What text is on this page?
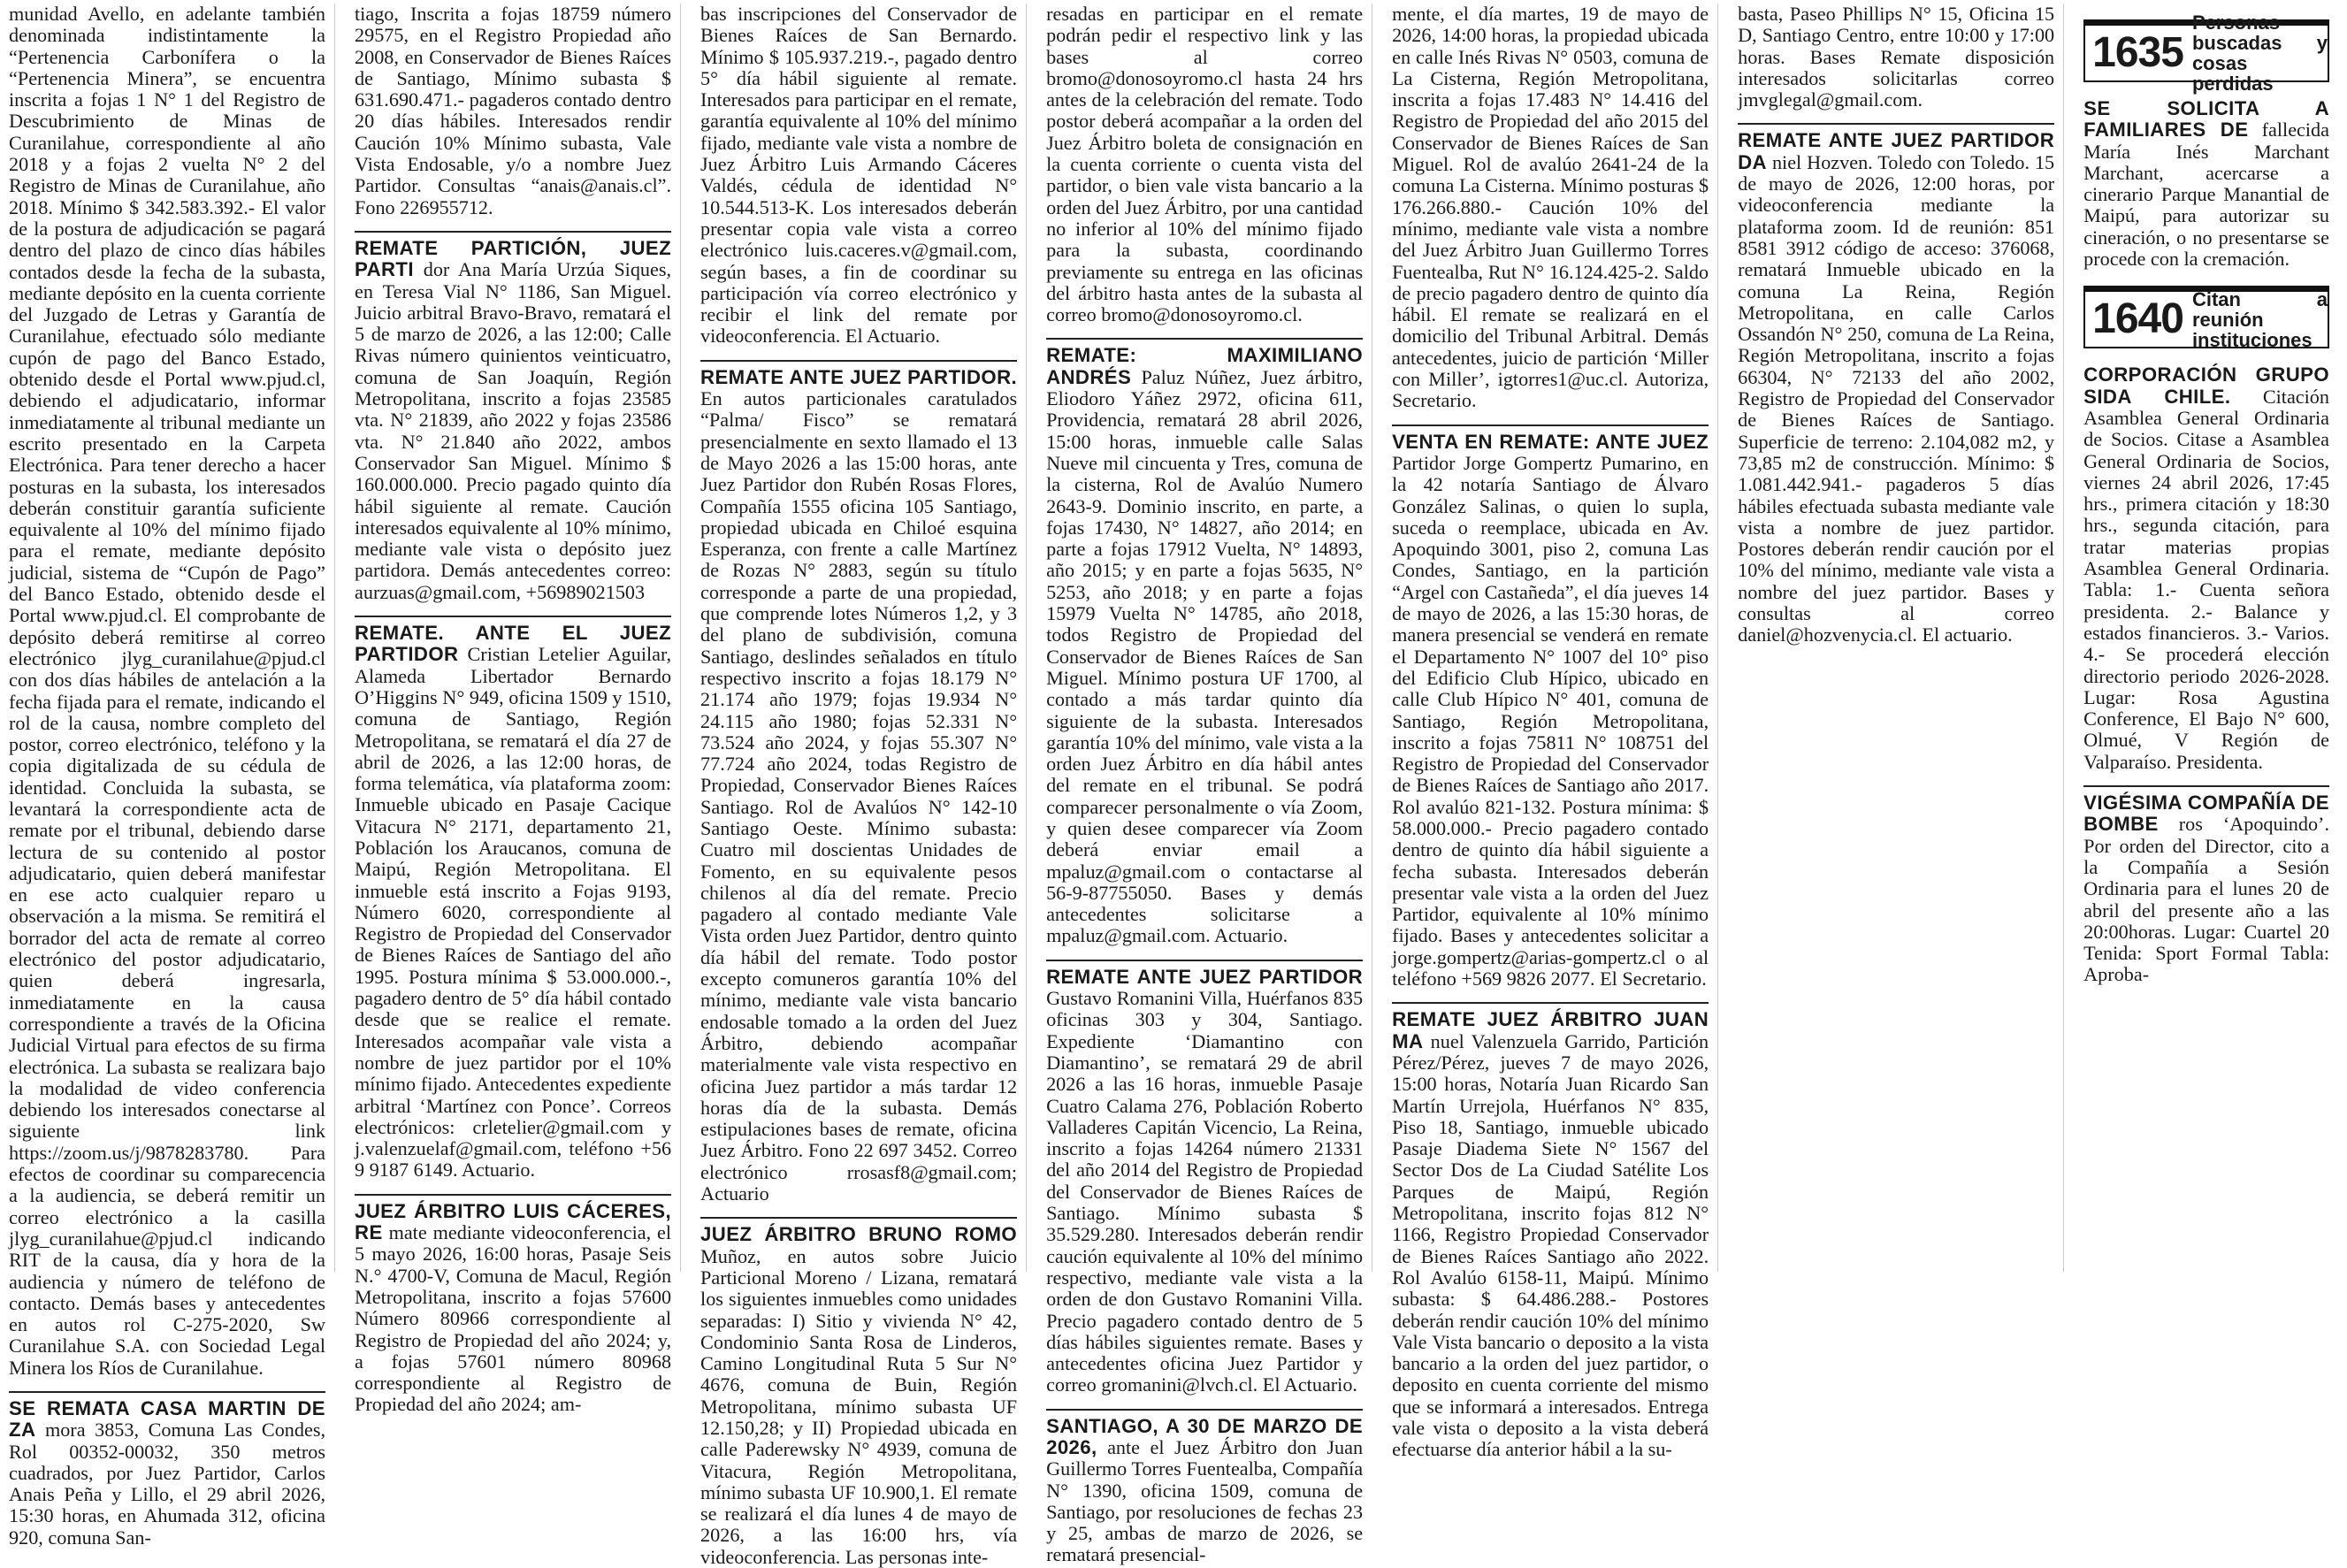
munidad Avello, en adelante también denominada indistintamente la “Pertenencia Carbonífera o la “Pertenencia Minera”, se encuentra inscrita a fojas 1 N° 1 del Registro de Descubrimiento de Minas de Curanilahue, correspondiente al año 2018 y a fojas 2 vuelta N° 2 del Registro de Minas de Curanilahue, año 2018. Mínimo $ 342.583.392.- El valor de la postura de adjudicación se pagará dentro del plazo de cinco días hábiles contados desde la fecha de la subasta, mediante depósito en la cuenta corriente del Juzgado de Letras y Garantía de Curanilahue, efectuado sólo mediante cupón de pago del Banco Estado, obtenido desde el Portal www.pjud.cl, debiendo el adjudicatario, informar inmediatamente al tribunal mediante un escrito presentado en la Carpeta Electrónica. Para tener derecho a hacer posturas en la subasta, los interesados deberán constituir garantía suficiente equivalente al 10% del mínimo fijado para el remate, mediante depósito judicial, sistema de “Cupón de Pago” del Banco Estado, obtenido desde el Portal www.pjud.cl. El comprobante de depósito deberá remitirse al correo electrónico jlyg_curanilahue@pjud.cl con dos días hábiles de antelación a la fecha fijada para el remate, indicando el rol de la causa, nombre completo del postor, correo electrónico, teléfono y la copia digitalizada de su cédula de identidad. Concluida la subasta, se levantará la correspondiente acta de remate por el tribunal, debiendo darse lectura de su contenido al postor adjudicatario, quien deberá manifestar en ese acto cualquier reparo u observación a la misma. Se remitirá el borrador del acta de remate al correo electrónico del postor adjudicatario, quien deberá ingresarla, inmediatamente en la causa correspondiente a través de la Oficina Judicial Virtual para efectos de su firma electrónica. La subasta se realizara bajo la modalidad de video conferencia debiendo los interesados conectarse al siguiente link https://zoom.us/j/9878283780. Para efectos de coordinar su comparecencia a la audiencia, se deberá remitir un correo electrónico a la casilla jlyg_curanilahue@pjud.cl indicando RIT de la causa, día y hora de la audiencia y número de teléfono de contacto. Demás bases y antecedentes en autos rol C-275-2020, Sw Curanilahue S.A. con Sociedad Legal Minera los Ríos de Curanilahue.

SE REMATA CASA MARTIN DE ZA mora 3853, Comuna Las Condes, Rol 00352-00032, 350 metros cuadrados, por Juez Partidor, Carlos Anais Peña y Lillo, el 29 abril 2026, 15:30 horas, en Ahumada 312, oficina 920, comuna San-

tiago, Inscrita a fojas 18759 número 29575, en el Registro Propiedad año 2008, en Conservador de Bienes Raíces de Santiago, Mínimo subasta $ 631.690.471.- pagaderos contado dentro 20 días hábiles. Interesados rendir Caución 10% Mínimo subasta, Vale Vista Endosable, y/o a nombre Juez Partidor. Consultas “anais@anais.cl”. Fono 226955712.

REMATE PARTICIÓN, JUEZ PARTI dor Ana María Urzúa Siques, en Teresa Vial N° 1186, San Miguel. Juicio arbitral Bravo-Bravo, rematará el 5 de marzo de 2026, a las 12:00; Calle Rivas número quinientos veinticuatro, comuna de San Joaquín, Región Metropolitana, inscrito a fojas 23585 vta. N° 21839, año 2022 y fojas 23586 vta. N° 21.840 año 2022, ambos Conservador San Miguel. Mínimo $ 160.000.000. Precio pagado quinto día hábil siguiente al remate. Caución interesados equivalente al 10% mínimo, mediante vale vista o depósito juez partidora. Demás antecedentes correo: aurzuas@gmail.com, +56989021503

REMATE. ANTE EL JUEZ PARTIDOR Cristian Letelier Aguilar, Alameda Libertador Bernardo O’Higgins N° 949, oficina 1509 y 1510, comuna de Santiago, Región Metropolitana, se rematará el día 27 de abril de 2026, a las 12:00 horas, de forma telemática, vía plataforma zoom: Inmueble ubicado en Pasaje Cacique Vitacura N° 2171, departamento 21, Población los Araucanos, comuna de Maipú, Región Metropolitana. El inmueble está inscrito a Fojas 9193, Número 6020, correspondiente al Registro de Propiedad del Conservador de Bienes Raíces de Santiago del año 1995. Postura mínima $ 53.000.000.-, pagadero dentro de 5° día hábil contado desde que se realice el remate. Interesados acompañar vale vista a nombre de juez partidor por el 10% mínimo fijado. Antecedentes expediente arbitral ‘Martínez con Ponce’. Correos electrónicos: crletelier@gmail.com y j.valenzuelaf@gmail.com, teléfono +56 9 9187 6149. Actuario.

JUEZ ÁRBITRO LUIS CÁCERES, RE mate mediante videoconferencia, el 5 mayo 2026, 16:00 horas, Pasaje Seis N.° 4700-V, Comuna de Macul, Región Metropolitana, inscrito a fojas 57600 Número 80966 correspondiente al Registro de Propiedad del año 2024; y, a fojas 57601 número 80968 correspondiente al Registro de Propiedad del año 2024; am-

bas inscripciones del Conservador de Bienes Raíces de San Bernardo. Mínimo $ 105.937.219.-, pagado dentro 5° día hábil siguiente al remate. Interesados para participar en el remate, garantía equivalente al 10% del mínimo fijado, mediante vale vista a nombre de Juez Árbitro Luis Armando Cáceres Valdés, cédula de identidad N° 10.544.513-K. Los interesados deberán presentar copia vale vista a correo electrónico luis.caceres.v@gmail.com, según bases, a fin de coordinar su participación vía correo electrónico y recibir el link del remate por videoconferencia. El Actuario.

REMATE ANTE JUEZ PARTIDOR. En autos particionales caratulados “Palma/ Fisco” se rematará presencialmente en sexto llamado el 13 de Mayo 2026 a las 15:00 horas, ante Juez Partidor don Rubén Rosas Flores, Compañía 1555 oficina 105 Santiago, propiedad ubicada en Chiloé esquina Esperanza, con frente a calle Martínez de Rozas N° 2883, según su título corresponde a parte de una propiedad, que comprende lotes Números 1,2, y 3 del plano de subdivisión, comuna Santiago, deslindes señalados en título respectivo inscrito a fojas 18.179 N° 21.174 año 1979; fojas 19.934 N° 24.115 año 1980; fojas 52.331 N° 73.524 año 2024, y fojas 55.307 N° 77.724 año 2024, todas Registro de Propiedad, Conservador Bienes Raíces Santiago. Rol de Avalúos N° 142-10 Santiago Oeste. Mínimo subasta: Cuatro mil doscientas Unidades de Fomento, en su equivalente pesos chilenos al día del remate. Precio pagadero al contado mediante Vale Vista orden Juez Partidor, dentro quinto día hábil del remate. Todo postor excepto comuneros garantía 10% del mínimo, mediante vale vista bancario endosable tomado a la orden del Juez Árbitro, debiendo acompañar materialmente vale vista respectivo en oficina Juez partidor a más tardar 12 horas día de la subasta. Demás estipulaciones bases de remate, oficina Juez Árbitro. Fono 22 697 3452. Correo electrónico rrosasf8@gmail.com; Actuario

JUEZ ÁRBITRO BRUNO ROMO Muñoz, en autos sobre Juicio Particional Moreno / Lizana, rematará los siguientes inmuebles como unidades separadas: I) Sitio y vivienda N° 42, Condominio Santa Rosa de Linderos, Camino Longitudinal Ruta 5 Sur N° 4676, comuna de Buin, Región Metropolitana, mínimo subasta UF 12.150,28; y II) Propiedad ubicada en calle Paderewsky N° 4939, comuna de Vitacura, Región Metropolitana, mínimo subasta UF 10.900,1. El remate se realizará el día lunes 4 de mayo de 2026, a las 16:00 hrs, vía videoconferencia. Las personas inte-

resadas en participar en el remate podrán pedir el respectivo link y las bases al correo bromo@donosoyromo.cl hasta 24 hrs antes de la celebración del remate. Todo postor deberá acompañar a la orden del Juez Árbitro boleta de consignación en la cuenta corriente o cuenta vista del partidor, o bien vale vista bancario a la orden del Juez Árbitro, por una cantidad no inferior al 10% del mínimo fijado para la subasta, coordinando previamente su entrega en las oficinas del árbitro hasta antes de la subasta al correo bromo@donosoyromo.cl.

REMATE: MAXIMILIANO ANDRÉS Paluz Núñez, Juez árbitro, Eliodoro Yáñez 2972, oficina 611, Providencia, rematará 28 abril 2026, 15:00 horas, inmueble calle Salas Nueve mil cincuenta y Tres, comuna de la cisterna, Rol de Avalúo Numero 2643-9. Dominio inscrito, en parte, a fojas 17430, N° 14827, año 2014; en parte a fojas 17912 Vuelta, N° 14893, año 2015; y en parte a fojas 5635, N° 5253, año 2018; y en parte a fojas 15979 Vuelta N° 14785, año 2018, todos Registro de Propiedad del Conservador de Bienes Raíces de San Miguel. Mínimo postura UF 1700, al contado a más tardar quinto día siguiente de la subasta. Interesados garantía 10% del mínimo, vale vista a la orden Juez Árbitro en día hábil antes del remate en el tribunal. Se podrá comparecer personalmente o vía Zoom, y quien desee comparecer vía Zoom deberá enviar email a mpaluz@gmail.com o contactarse al 56-9-87755050. Bases y demás antecedentes solicitarse a mpaluz@gmail.com. Actuario.

REMATE ANTE JUEZ PARTIDOR Gustavo Romanini Villa, Huérfanos 835 oficinas 303 y 304, Santiago. Expediente ‘Diamantino con Diamantino’, se rematará 29 de abril 2026 a las 16 horas, inmueble Pasaje Cuatro Calama 276, Población Roberto Valladeres Capitán Vicencio, La Reina, inscrito a fojas 14264 número 21331 del año 2014 del Registro de Propiedad del Conservador de Bienes Raíces de Santiago. Mínimo subasta $ 35.529.280. Interesados deberán rendir caución equivalente al 10% del mínimo respectivo, mediante vale vista a la orden de don Gustavo Romanini Villa. Precio pagadero contado dentro de 5 días hábiles siguientes remate. Bases y antecedentes oficina Juez Partidor y correo gromanini@lvch.cl. El Actuario.

SANTIAGO, A 30 DE MARZO DE 2026, ante el Juez Árbitro don Juan Guillermo Torres Fuentealba, Compañía N° 1390, oficina 1509, comuna de Santiago, por resoluciones de fechas 23 y 25, ambas de marzo de 2026, se rematará presencial-

mente, el día martes, 19 de mayo de 2026, 14:00 horas, la propiedad ubicada en calle Inés Rivas N° 0503, comuna de La Cisterna, Región Metropolitana, inscrita a fojas 17.483 N° 14.416 del Registro de Propiedad del año 2015 del Conservador de Bienes Raíces de San Miguel. Rol de avalúo 2641-24 de la comuna La Cisterna. Mínimo posturas $ 176.266.880.- Caución 10% del mínimo, mediante vale vista a nombre del Juez Árbitro Juan Guillermo Torres Fuentealba, Rut N° 16.124.425-2. Saldo de precio pagadero dentro de quinto día hábil. El remate se realizará en el domicilio del Tribunal Arbitral. Demás antecedentes, juicio de partición ‘Miller con Miller’, igtorres1@uc.cl. Autoriza, Secretario.

VENTA EN REMATE: ANTE JUEZ Partidor Jorge Gompertz Pumarino, en la 42 notaría Santiago de Álvaro González Salinas, o quien lo supla, suceda o reemplace, ubicada en Av. Apoquindo 3001, piso 2, comuna Las Condes, Santiago, en la partición “Argel con Castañeda”, el día jueves 14 de mayo de 2026, a las 15:30 horas, de manera presencial se venderá en remate el Departamento N° 1007 del 10° piso del Edificio Club Hípico, ubicado en calle Club Hípico N° 401, comuna de Santiago, Región Metropolitana, inscrito a fojas 75811 N° 108751 del Registro de Propiedad del Conservador de Bienes Raíces de Santiago año 2017. Rol avalúo 821-132. Postura mínima: $ 58.000.000.- Precio pagadero contado dentro de quinto día hábil siguiente a fecha subasta. Interesados deberán presentar vale vista a la orden del Juez Partidor, equivalente al 10% mínimo fijado. Bases y antecedentes solicitar a jorge.gompertz@arias-gompertz.cl o al teléfono +569 9826 2077. El Secretario.

REMATE JUEZ ÁRBITRO JUAN MA nuel Valenzuela Garrido, Partición Pérez/Pérez, jueves 7 de mayo 2026, 15:00 horas, Notaría Juan Ricardo San Martín Urrejola, Huérfanos N° 835, Piso 18, Santiago, inmueble ubicado Pasaje Diadema Siete N° 1567 del Sector Dos de La Ciudad Satélite Los Parques de Maipú, Región Metropolitana, inscrito fojas 812 N° 1166, Registro Propiedad Conservador de Bienes Raíces Santiago año 2022. Rol Avalúo 6158-11, Maipú. Mínimo subasta: $ 64.486.288.- Postores deberán rendir caución 10% del mínimo Vale Vista bancario o deposito a la vista bancario a la orden del juez partidor, o deposito en cuenta corriente del mismo que se informará a interesados. Entrega vale vista o deposito a la vista deberá efectuarse día anterior hábil a la su-

basta, Paseo Phillips N° 15, Oficina 15 D, Santiago Centro, entre 10:00 y 17:00 horas. Bases Remate disposición interesados solicitarlas correo jmvglegal@gmail.com.

REMATE ANTE JUEZ PARTIDOR DA niel Hozven. Toledo con Toledo. 15 de mayo de 2026, 12:00 horas, por videoconferencia mediante la plataforma zoom. Id de reunión: 851 8581 3912 código de acceso: 376068, rematará Inmueble ubicado en la comuna La Reina, Región Metropolitana, en calle Carlos Ossandón N° 250, comuna de La Reina, Región Metropolitana, inscrito a fojas 66304, N° 72133 del año 2002, Registro de Propiedad del Conservador de Bienes Raíces de Santiago. Superficie de terreno: 2.104,082 m2, y 73,85 m2 de construcción. Mínimo: $ 1.081.442.941.- pagaderos 5 días hábiles efectuada subasta mediante vale vista a nombre de juez partidor. Postores deberán rendir caución por el 10% del mínimo, mediante vale vista a nombre del juez partidor. Bases y consultas al correo daniel@hozvenycia.cl. El actuario.

1635
Personas buscadas y cosas perdidas

SE SOLICITA A FAMILIARES DE fallecida María Inés Marchant Marchant, acercarse a cinerario Parque Manantial de Maipú, para autorizar su cineración, o no presentarse se procede con la cremación.

1640 Citan a reunión instituciones

CORPORACIÓN GRUPO SIDA CHILE. Citación Asamblea General Ordinaria de Socios. Citase a Asamblea General Ordinaria de Socios, viernes 24 abril 2026, 17:45 hrs., primera citación y 18:30 hrs., segunda citación, para tratar materias propias Asamblea General Ordinaria. Tabla: 1.- Cuenta señora presidenta. 2.- Balance y estados financieros. 3.- Varios. 4.- Se procederá elección directorio periodo 2026-2028. Lugar: Rosa Agustina Conference, El Bajo N° 600, Olmué, V Región de Valparaíso. Presidenta.

VIGÉSIMA COMPAÑÍA DE BOMBE ros ‘Apoquindo’. Por orden del Director, cito a la Compañía a Sesión Ordinaria para el lunes 20 de abril del presente año a las 20:00horas. Lugar: Cuartel 20 Tenida: Sport Formal Tabla: Aproba-
